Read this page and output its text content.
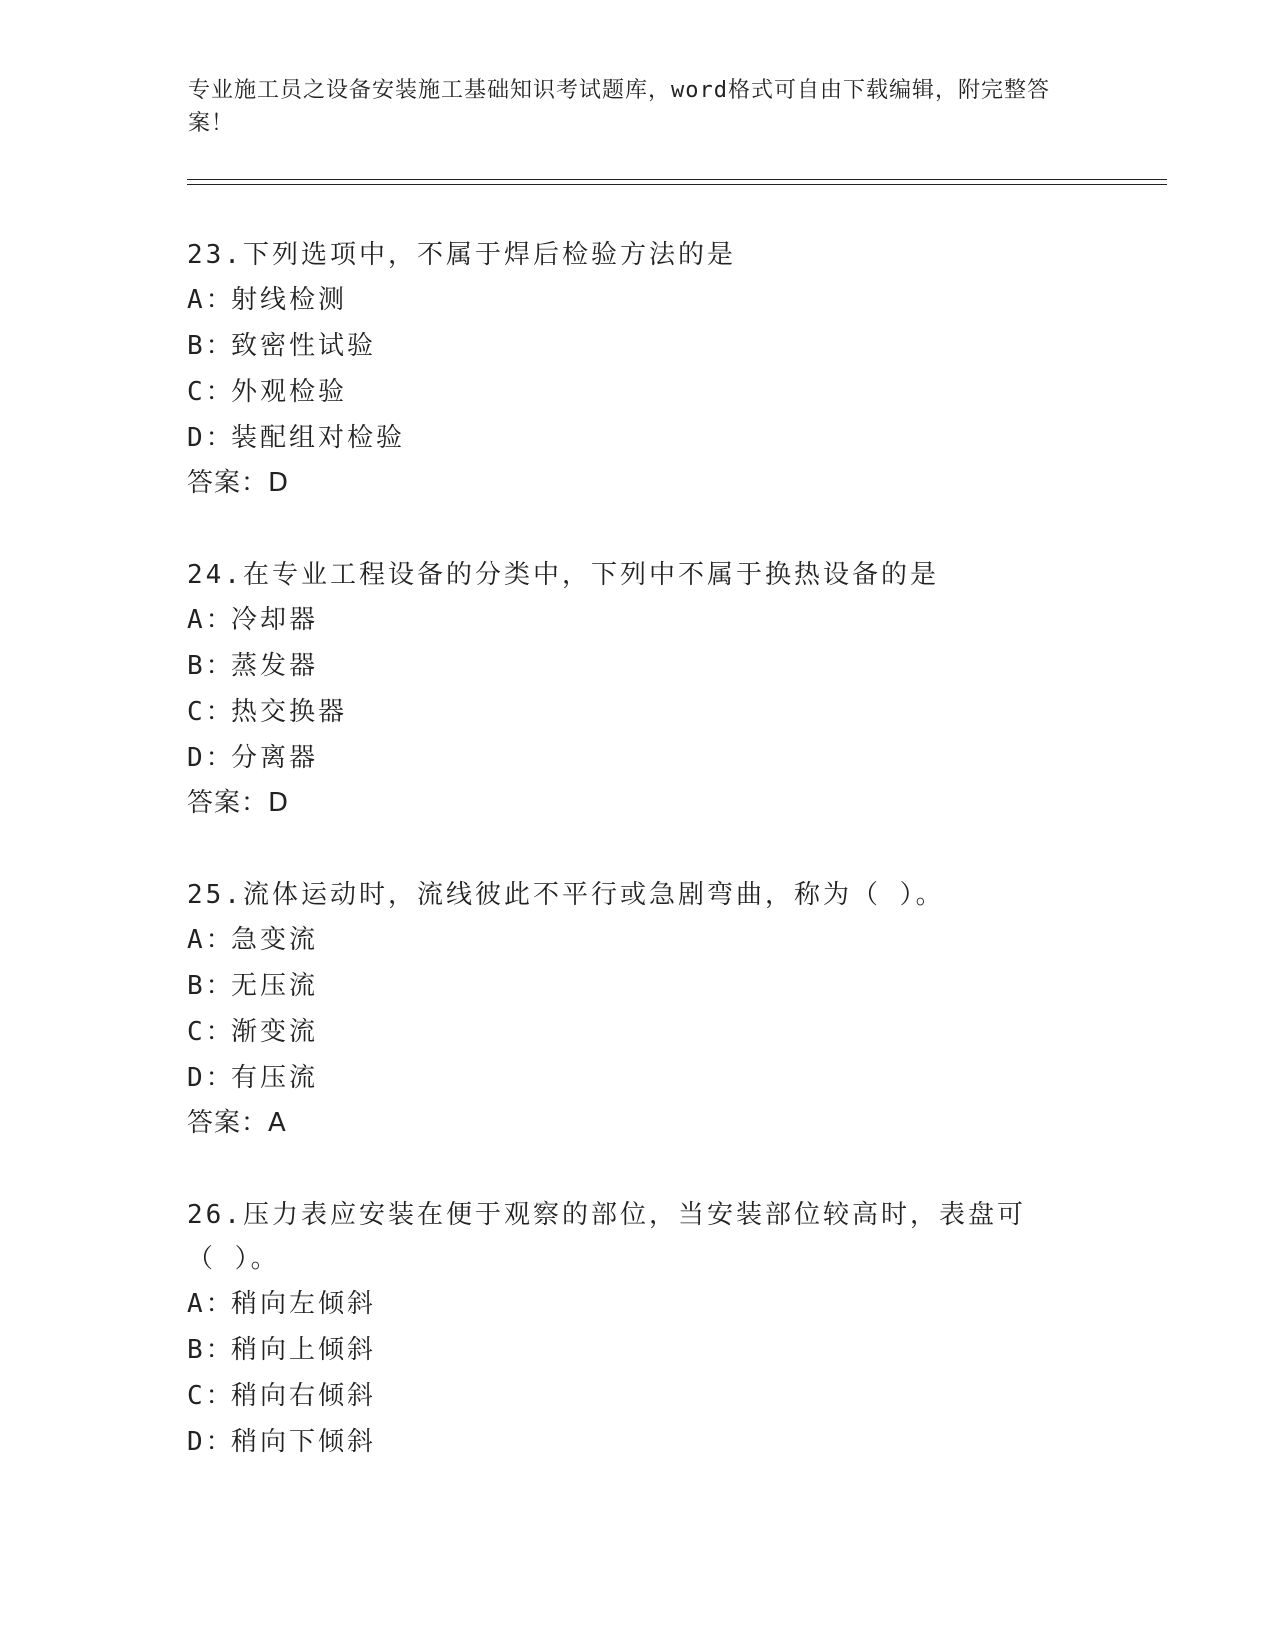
专业施工员之设备安装施工基础知识考试题库，word格式可自由下载编辑，附完整答案！
23.下列选项中，不属于焊后检验方法的是
A：射线检测
B：致密性试验
C：外观检验
D：装配组对检验
答案：D
24.在专业工程设备的分类中，下列中不属于换热设备的是
A：冷却器
B：蒸发器
C：热交换器
D：分离器
答案：D
25.流体运动时，流线彼此不平行或急剧弯曲，称为（ ）。
A：急变流
B：无压流
C：渐变流
D：有压流
答案：A
26.压力表应安装在便于观察的部位，当安装部位较高时，表盘可（ ）。
A：稍向左倾斜
B：稍向上倾斜
C：稍向右倾斜
D：稍向下倾斜
